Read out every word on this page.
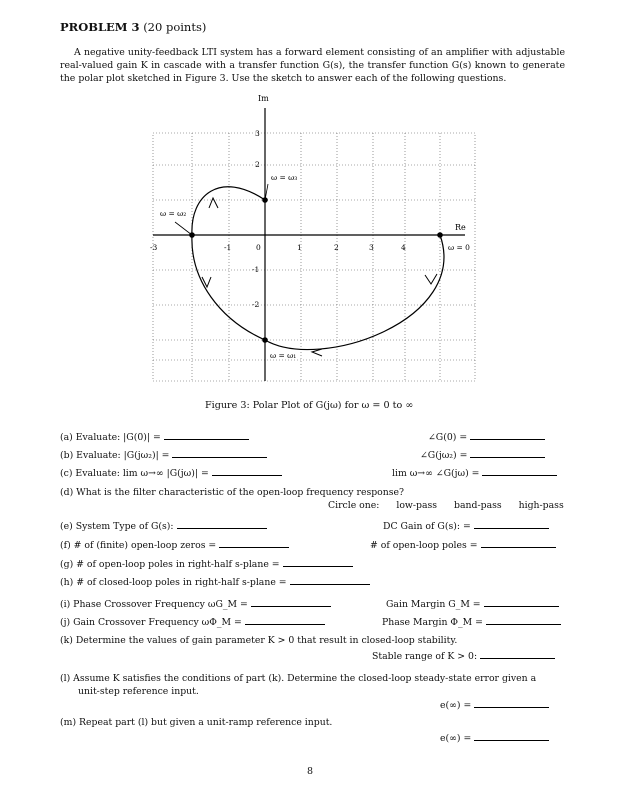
PROBLEM 3 (20 points)
A negative unity-feedback LTI system has a forward element consisting of an amplifier with adjustable real-valued gain K in cascade with a transfer function G(s), the transfer function G(s) known to generate the polar plot sketched in Figure 3. Use the sketch to answer each of the following questions.
Im
Re
ω = 0
ω = ω₁
ω = ω₂
ω = ω₃
-3	-1	0	1	2	3	4
3
2
-1
-2
Figure 3: Polar Plot of G(jω) for ω = 0 to ∞
(a) Evaluate: |G(0)| =	∠G(0) =
(b) Evaluate: |G(jω₂)| =	∠G(jω₂) =
(c) Evaluate: lim ω→∞ |G(jω)| =	lim ω→∞ ∠G(jω) =
(d) What is the filter characteristic of the open-loop frequency response?
Circle one: low-pass band-pass high-pass
(e) System Type of G(s):	DC Gain of G(s): =
(f) # of (finite) open-loop zeros =	# of open-loop poles =
(g) # of open-loop poles in right-half s-plane =
(h) # of closed-loop poles in right-half s-plane =
(i) Phase Crossover Frequency ωG_M =	Gain Margin G_M =
(j) Gain Crossover Frequency ωΦ_M =	Phase Margin Φ_M =
(k) Determine the values of gain parameter K > 0 that result in closed-loop stability.
Stable range of K > 0:
(l) Assume K satisfies the conditions of part (k). Determine the closed-loop steady-state error given a
unit-step reference input.
e(∞) =
(m) Repeat part (l) but given a unit-ramp reference input.
e(∞) =
8
